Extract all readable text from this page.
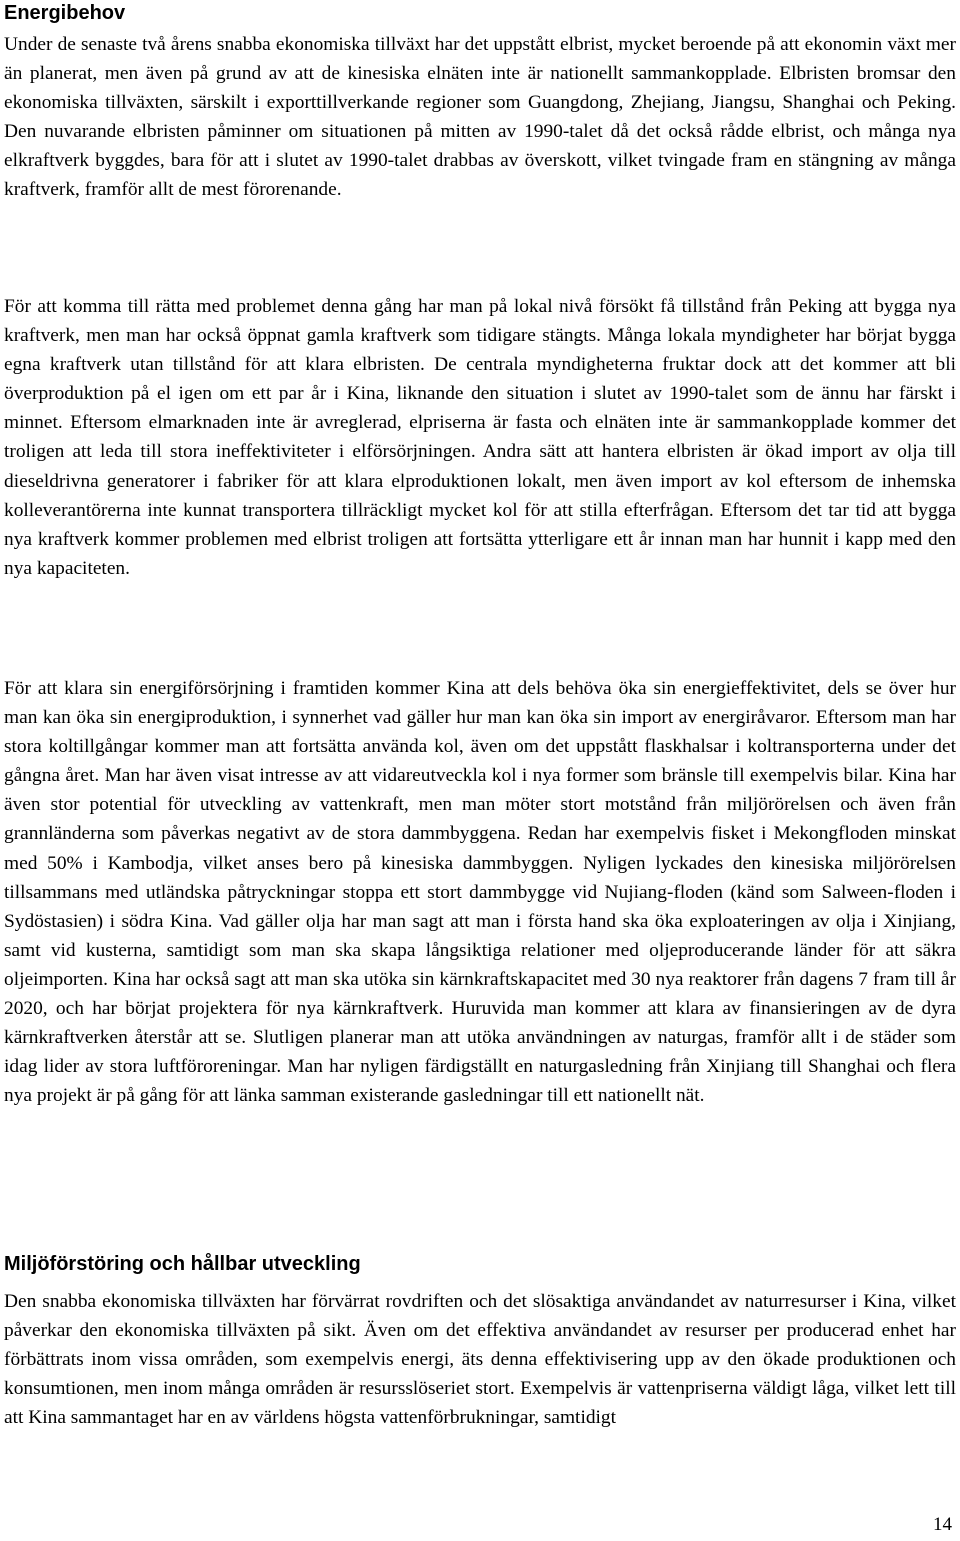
Energibehov

Under de senaste två årens snabba ekonomiska tillväxt har det uppstått elbrist, mycket beroende på att ekonomin växt mer än planerat, men även på grund av att de kinesiska elnäten inte är nationellt sammankopplade. Elbristen bromsar den ekonomiska tillväxten, särskilt i exporttillverkande regioner som Guangdong, Zhejiang, Jiangsu, Shanghai och Peking. Den nuvarande elbristen påminner om situationen på mitten av 1990-talet då det också rådde elbrist, och många nya elkraftverk byggdes, bara för att i slutet av 1990-talet drabbas av överskott, vilket tvingade fram en stängning av många kraftverk, framför allt de mest förorenande.

För att komma till rätta med problemet denna gång har man på lokal nivå försökt få tillstånd från Peking att bygga nya kraftverk, men man har också öppnat gamla kraftverk som tidigare stängts. Många lokala myndigheter har börjat bygga egna kraftverk utan tillstånd för att klara elbristen. De centrala myndigheterna fruktar dock att det kommer att bli överproduktion på el igen om ett par år i Kina, liknande den situation i slutet av 1990-talet som de ännu har färskt i minnet. Eftersom elmarknaden inte är avreglerad, elpriserna är fasta och elnäten inte är sammankopplade kommer det troligen att leda till stora ineffektiviteter i elförsörjningen. Andra sätt att hantera elbristen är ökad import av olja till dieseldrivna generatorer i fabriker för att klara elproduktionen lokalt, men även import av kol eftersom de inhemska kolleverantörerna inte kunnat transportera tillräckligt mycket kol för att stilla efterfrågan. Eftersom det tar tid att bygga nya kraftverk kommer problemen med elbrist troligen att fortsätta ytterligare ett år innan man har hunnit i kapp med den nya kapaciteten.

För att klara sin energiförsörjning i framtiden kommer Kina att dels behöva öka sin energieffektivitet, dels se över hur man kan öka sin energiproduktion, i synnerhet vad gäller hur man kan öka sin import av energiråvaror. Eftersom man har stora koltillgångar kommer man att fortsätta använda kol, även om det uppstått flaskhalsar i koltransporterna under det gångna året. Man har även visat intresse av att vidareutveckla kol i nya former som bränsle till exempelvis bilar. Kina har även stor potential för utveckling av vattenkraft, men man möter stort motstånd från miljörörelsen och även från grannländerna som påverkas negativt av de stora dammbyggena. Redan har exempelvis fisket i Mekongfloden minskat med 50% i Kambodja, vilket anses bero på kinesiska dammbyggen. Nyligen lyckades den kinesiska miljörörelsen tillsammans med utländska påtryckningar stoppa ett stort dammbygge vid Nujiang-floden (känd som Salween-floden i Sydöstasien) i södra Kina. Vad gäller olja har man sagt att man i första hand ska öka exploateringen av olja i Xinjiang, samt vid kusterna, samtidigt som man ska skapa långsiktiga relationer med oljeproducerande länder för att säkra oljeimporten. Kina har också sagt att man ska utöka sin kärnkraftskapacitet med 30 nya reaktorer från dagens 7 fram till år 2020, och har börjat projektera för nya kärnkraftverk. Huruvida man kommer att klara av finansieringen av de dyra kärnkraftverken återstår att se. Slutligen planerar man att utöka användningen av naturgas, framför allt i de städer som idag lider av stora luftföroreningar. Man har nyligen färdigställt en naturgasledning från Xinjiang till Shanghai och flera nya projekt är på gång för att länka samman existerande gasledningar till ett nationellt nät.

Miljöförstöring och hållbar utveckling

Den snabba ekonomiska tillväxten har förvärrat rovdriften och det slösaktiga användandet av naturresurser i Kina, vilket påverkar den ekonomiska tillväxten på sikt. Även om det effektiva användandet av resurser per producerad enhet har förbättrats inom vissa områden, som exempelvis energi, äts denna effektivisering upp av den ökade produktionen och konsumtionen, men inom många områden är resursslöseriet stort. Exempelvis är vattenpriserna väldigt låga, vilket lett till att Kina sammantaget har en av världens högsta vattenförbrukningar, samtidigt

14
